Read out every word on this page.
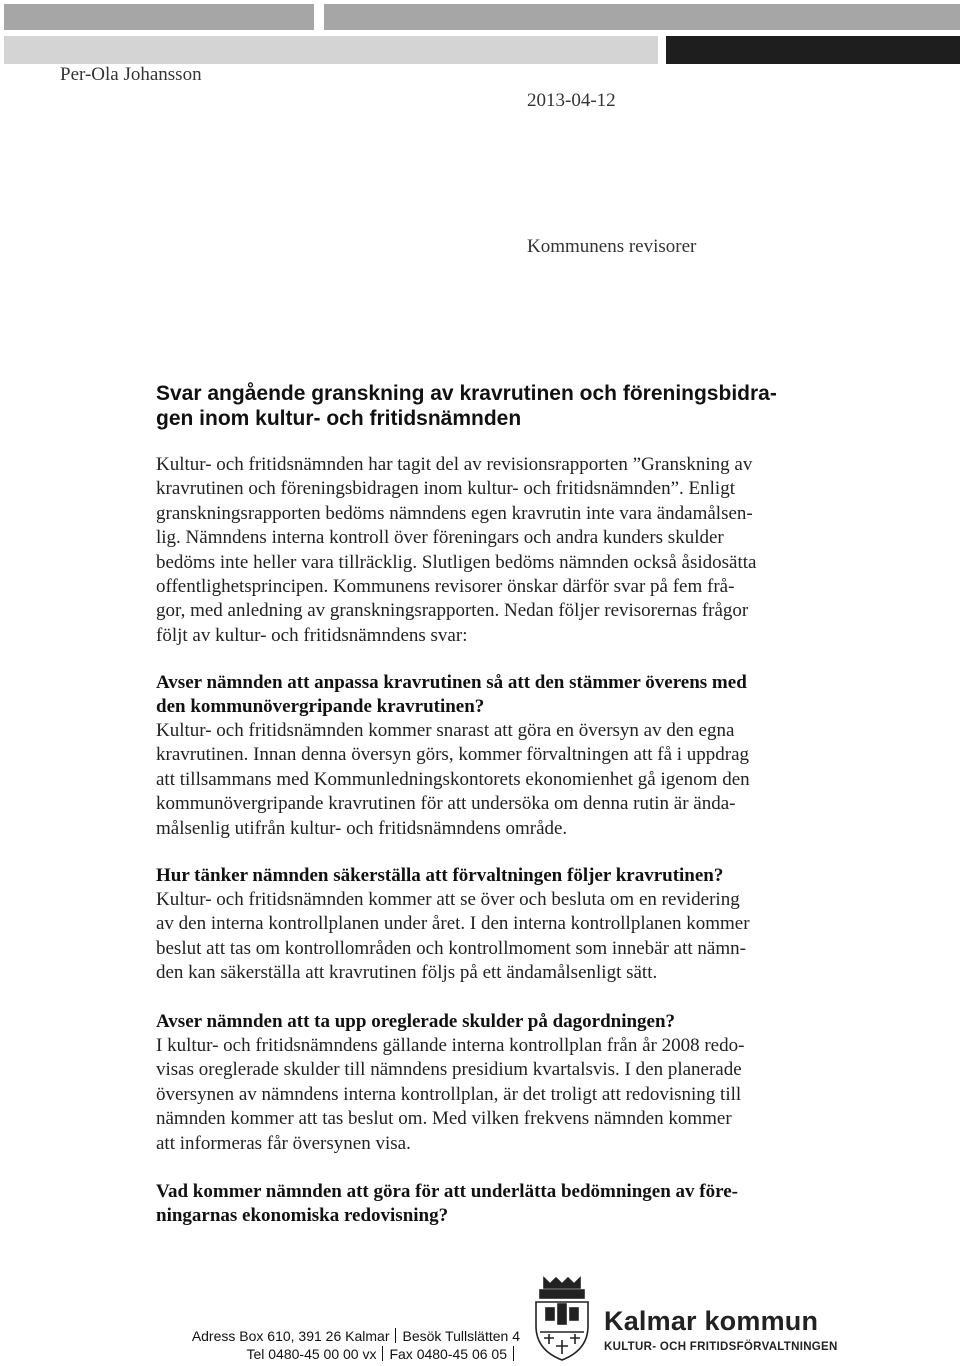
Per-Ola Johansson
2013-04-12
Kommunens revisorer
Svar angående granskning av kravrutinen och föreningsbidra-
gen inom kultur- och fritidsnämnden

Kultur- och fritidsnämnden har tagit del av revisionsrapporten ”Granskning av
kravrutinen och föreningsbidragen inom kultur- och fritidsnämnden”. Enligt
granskningsrapporten bedöms nämndens egen kravrutin inte vara ändamålsen-
lig. Nämndens interna kontroll över föreningars och andra kunders skulder
bedöms inte heller vara tillräcklig. Slutligen bedöms nämnden också åsidosätta
offentlighetsprincipen. Kommunens revisorer önskar därför svar på fem frå-
gor, med anledning av granskningsrapporten. Nedan följer revisorernas frågor
följt av kultur- och fritidsnämndens svar:

Avser nämnden att anpassa kravrutinen så att den stämmer överens med
den kommunövergripande kravrutinen?

Kultur- och fritidsnämnden kommer snarast att göra en översyn av den egna
kravrutinen. Innan denna översyn görs, kommer förvaltningen att få i uppdrag
att tillsammans med Kommunledningskontorets ekonomienhet gå igenom den
kommunövergripande kravrutinen för att undersöka om denna rutin är ända-
målsenlig utifrån kultur- och fritidsnämndens område.

Hur tänker nämnden säkerställa att förvaltningen följer kravrutinen?

Kultur- och fritidsnämnden kommer att se över och besluta om en revidering
av den interna kontrollplanen under året. I den interna kontrollplanen kommer
beslut att tas om kontrollområden och kontrollmoment som innebär att nämn-
den kan säkerställa att kravrutinen följs på ett ändamålsenligt sätt.

Avser nämnden att ta upp oreglerade skulder på dagordningen?

I kultur- och fritidsnämndens gällande interna kontrollplan från år 2008 redo-
visas oreglerade skulder till nämndens presidium kvartalsvis. I den planerade
översynen av nämndens interna kontrollplan, är det troligt att redovisning till
nämnden kommer att tas beslut om. Med vilken frekvens nämnden kommer
att informeras får översynen visa.

Vad kommer nämnden att göra för att underlätta bedömningen av före-
ningarnas ekonomiska redovisning?

Adress Box 610, 391 26 Kalmar Besök Tullslätten 4
Tel 0480-45 00 00 vx Fax 0480-45 06 05
Kalmar kommun
KULTUR- OCH FRITIDSFÖRVALTNINGEN
